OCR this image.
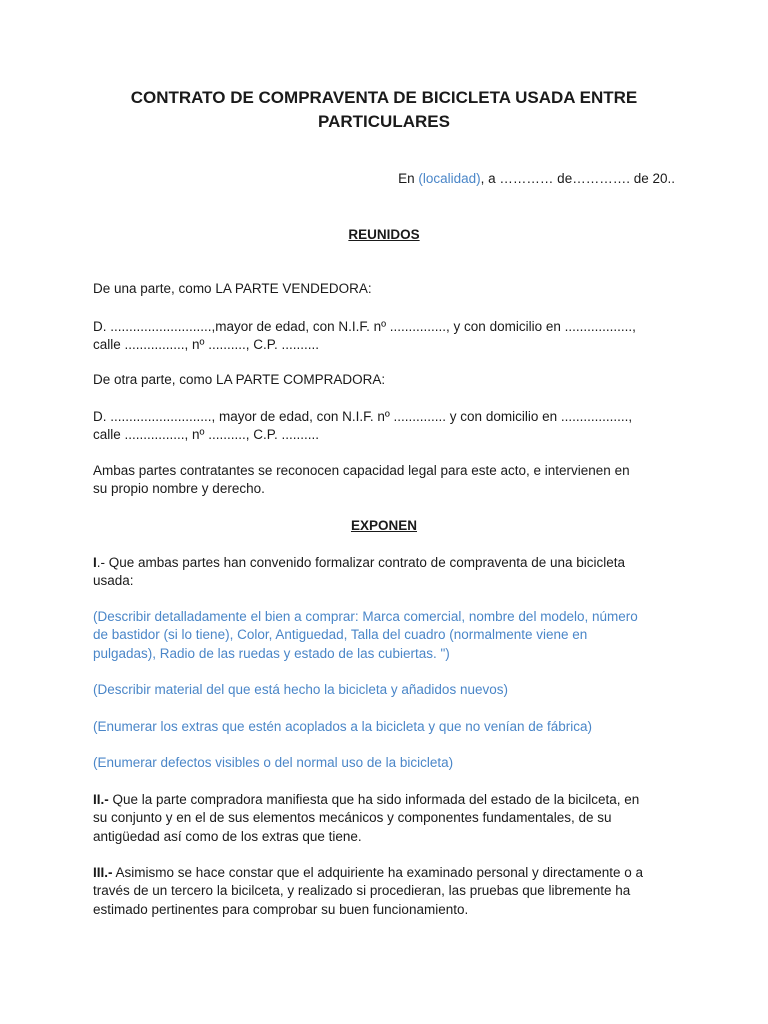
CONTRATO DE COMPRAVENTA DE BICICLETA USADA ENTRE
PARTICULARES
En (localidad), a ………… de…………. de 20..
REUNIDOS

De una parte, como LA PARTE VENDEDORA:

D. ...........................,mayor de edad, con N.I.F. nº ..............., y con domicilio en ..................,
calle ................, nº .........., C.P. ..........

De otra parte, como LA PARTE COMPRADORA:

D. ..........................., mayor de edad, con N.I.F. nº .............. y con domicilio en ..................,
calle ................, nº .........., C.P. ..........

Ambas partes contratantes se reconocen capacidad legal para este acto, e intervienen en
su propio nombre y derecho.

EXPONEN

I.- Que ambas partes han convenido formalizar contrato de compraventa de una bicicleta
usada:

(Describir detalladamente el bien a comprar: Marca comercial, nombre del modelo, número
de bastidor (si lo tiene), Color, Antiguedad, Talla del cuadro (normalmente viene en
pulgadas), Radio de las ruedas y estado de las cubiertas. ")

(Describir material del que está hecho la bicicleta y añadidos nuevos)

(Enumerar los extras que estén acoplados a la bicicleta y que no venían de fábrica)

(Enumerar defectos visibles o del normal uso de la bicicleta)

II.- Que la parte compradora manifiesta que ha sido informada del estado de la bicilceta, en
su conjunto y en el de sus elementos mecánicos y componentes fundamentales, de su
antigüedad así como de los extras que tiene.

III.- Asimismo se hace constar que el adquiriente ha examinado personal y directamente o a
través de un tercero la bicilceta, y realizado si procedieran, las pruebas que libremente ha
estimado pertinentes para comprobar su buen funcionamiento.
